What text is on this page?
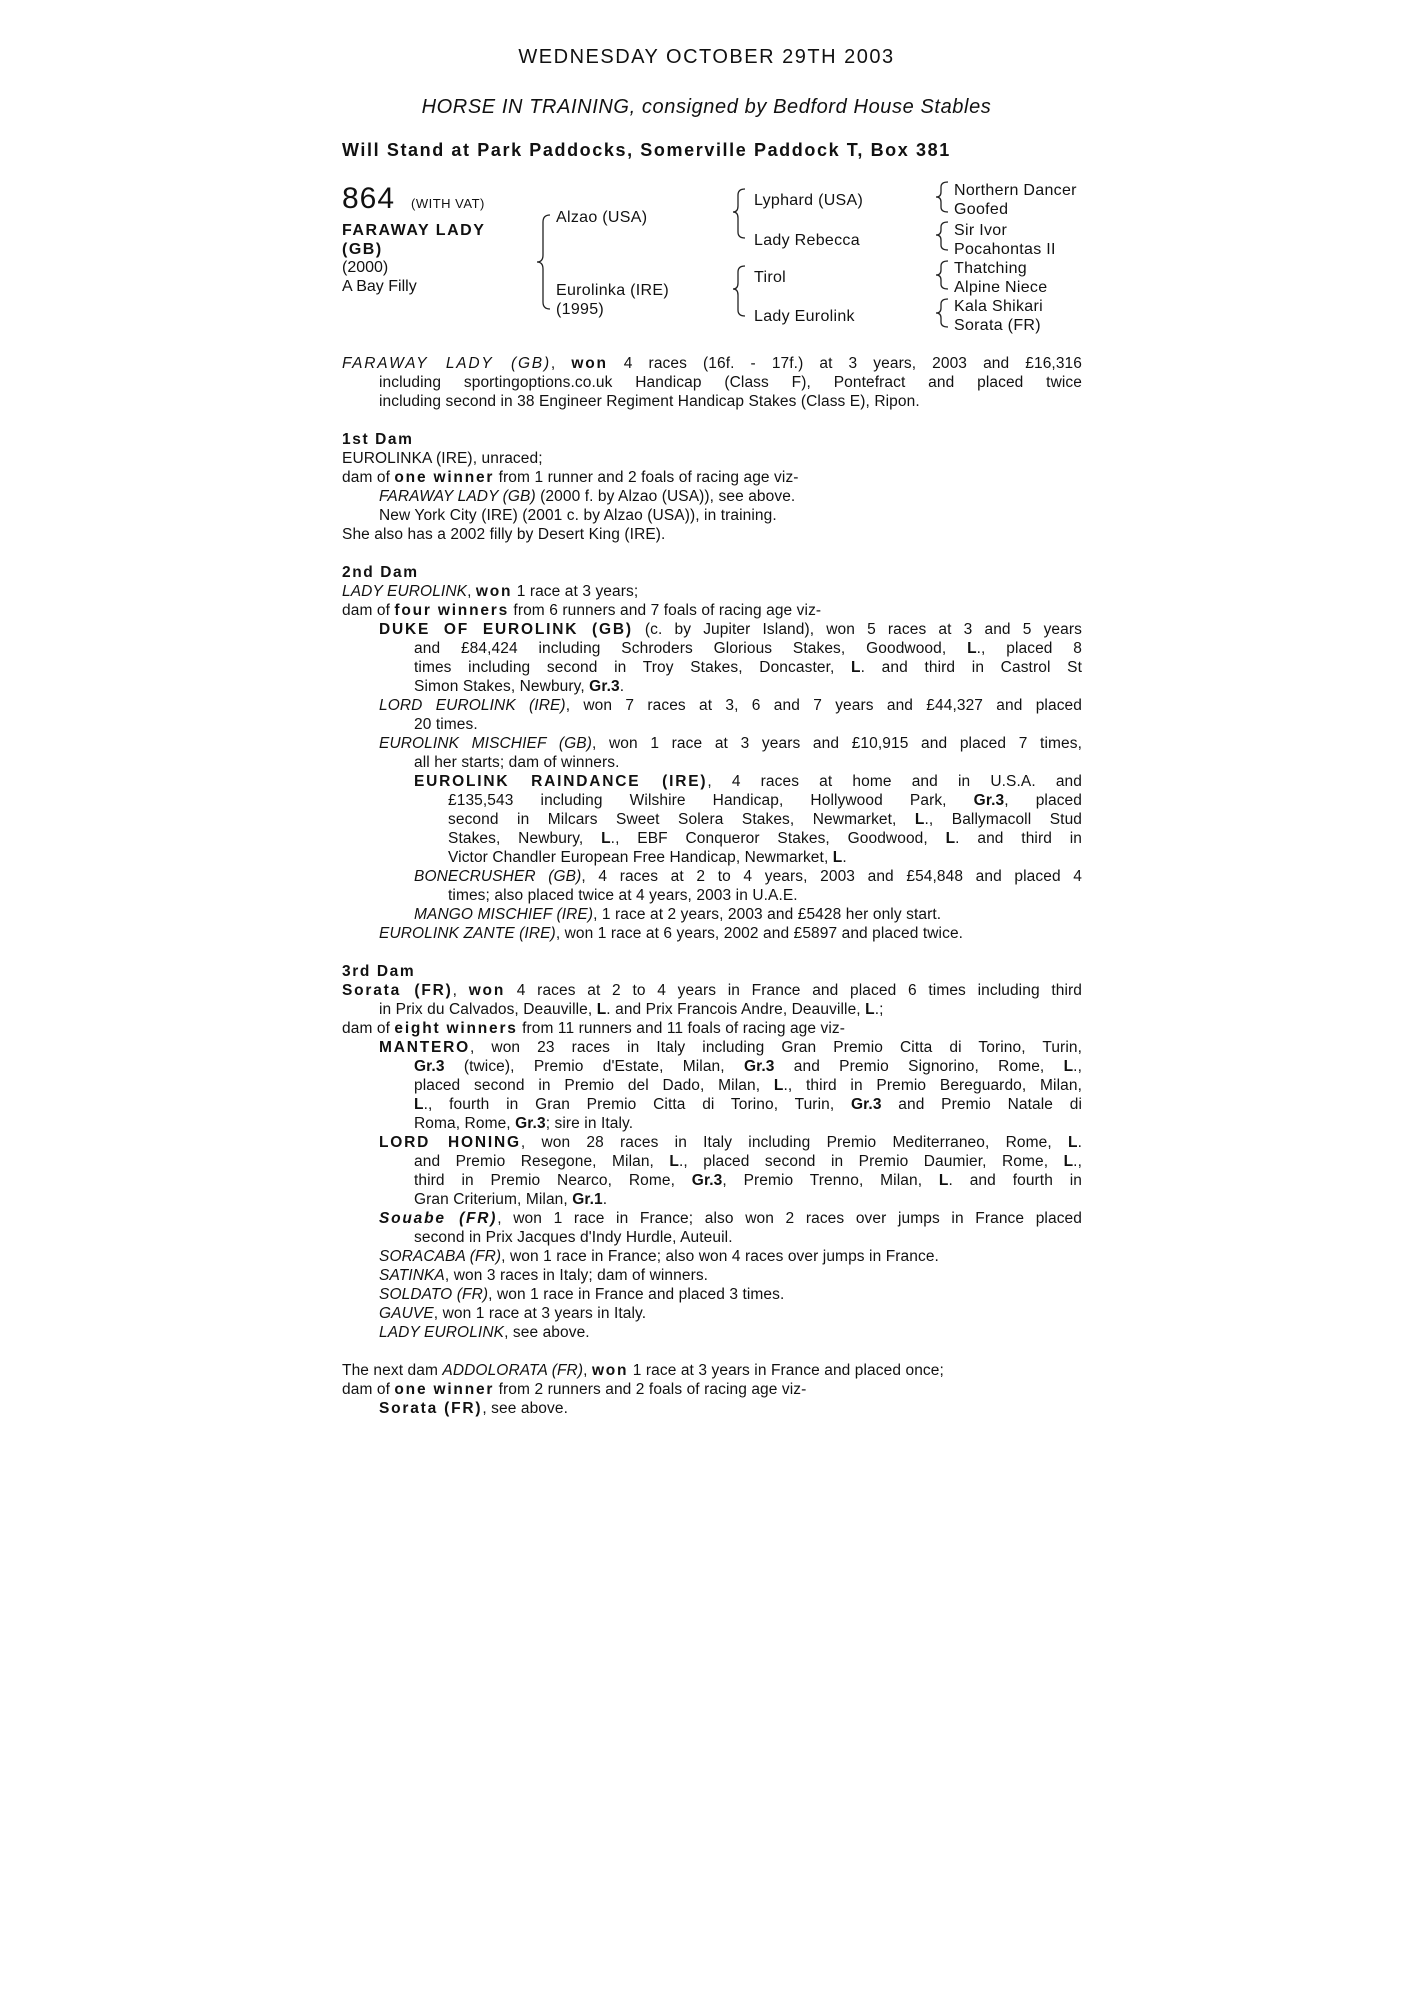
WEDNESDAY OCTOBER 29TH 2003
HORSE IN TRAINING, consigned by Bedford House Stables
Will Stand at Park Paddocks, Somerville Paddock T, Box 381
864 (WITH VAT)
FARAWAY LADY
(GB)
(2000)
A Bay Filly
Alzao (USA)
Eurolinka (IRE)
(1995)
Lyphard (USA)
Lady Rebecca
Tirol
Lady Eurolink
Northern Dancer
Goofed
Sir Ivor
Pocahontas II
Thatching
Alpine Niece
Kala Shikari
Sorata (FR)
FARAWAY LADY (GB), won 4 races (16f. - 17f.) at 3 years, 2003 and £16,316
including sportingoptions.co.uk Handicap (Class F), Pontefract and placed twice
including second in 38 Engineer Regiment Handicap Stakes (Class E), Ripon.
1st Dam
EUROLINKA (IRE), unraced;
dam of one winner from 1 runner and 2 foals of racing age viz-
FARAWAY LADY (GB) (2000 f. by Alzao (USA)), see above.
New York City (IRE) (2001 c. by Alzao (USA)), in training.
She also has a 2002 filly by Desert King (IRE).
2nd Dam
LADY EUROLINK, won 1 race at 3 years;
dam of four winners from 6 runners and 7 foals of racing age viz-
DUKE OF EUROLINK (GB) (c. by Jupiter Island), won 5 races at 3 and 5 years
and £84,424 including Schroders Glorious Stakes, Goodwood, L., placed 8
times including second in Troy Stakes, Doncaster, L. and third in Castrol St
Simon Stakes, Newbury, Gr.3.
LORD EUROLINK (IRE), won 7 races at 3, 6 and 7 years and £44,327 and placed
20 times.
EUROLINK MISCHIEF (GB), won 1 race at 3 years and £10,915 and placed 7 times,
all her starts; dam of winners.
EUROLINK RAINDANCE (IRE), 4 races at home and in U.S.A. and
£135,543 including Wilshire Handicap, Hollywood Park, Gr.3, placed
second in Milcars Sweet Solera Stakes, Newmarket, L., Ballymacoll Stud
Stakes, Newbury, L., EBF Conqueror Stakes, Goodwood, L. and third in
Victor Chandler European Free Handicap, Newmarket, L.
BONECRUSHER (GB), 4 races at 2 to 4 years, 2003 and £54,848 and placed 4
times; also placed twice at 4 years, 2003 in U.A.E.
MANGO MISCHIEF (IRE), 1 race at 2 years, 2003 and £5428 her only start.
EUROLINK ZANTE (IRE), won 1 race at 6 years, 2002 and £5897 and placed twice.
3rd Dam
Sorata (FR), won 4 races at 2 to 4 years in France and placed 6 times including third
in Prix du Calvados, Deauville, L. and Prix Francois Andre, Deauville, L.;
dam of eight winners from 11 runners and 11 foals of racing age viz-
MANTERO, won 23 races in Italy including Gran Premio Citta di Torino, Turin,
Gr.3 (twice), Premio d'Estate, Milan, Gr.3 and Premio Signorino, Rome, L.,
placed second in Premio del Dado, Milan, L., third in Premio Bereguardo, Milan,
L., fourth in Gran Premio Citta di Torino, Turin, Gr.3 and Premio Natale di
Roma, Rome, Gr.3; sire in Italy.
LORD HONING, won 28 races in Italy including Premio Mediterraneo, Rome, L.
and Premio Resegone, Milan, L., placed second in Premio Daumier, Rome, L.,
third in Premio Nearco, Rome, Gr.3, Premio Trenno, Milan, L. and fourth in
Gran Criterium, Milan, Gr.1.
Souabe (FR), won 1 race in France; also won 2 races over jumps in France placed
second in Prix Jacques d'Indy Hurdle, Auteuil.
SORACABA (FR), won 1 race in France; also won 4 races over jumps in France.
SATINKA, won 3 races in Italy; dam of winners.
SOLDATO (FR), won 1 race in France and placed 3 times.
GAUVE, won 1 race at 3 years in Italy.
LADY EUROLINK, see above.
The next dam ADDOLORATA (FR), won 1 race at 3 years in France and placed once;
dam of one winner from 2 runners and 2 foals of racing age viz-
Sorata (FR), see above.
